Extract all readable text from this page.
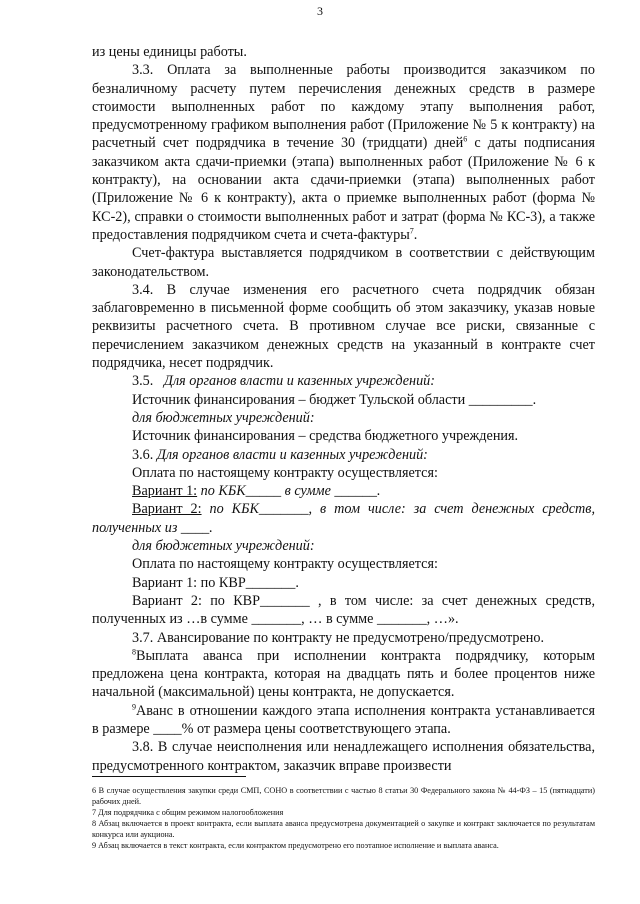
3

из цены единицы работы.

3.3. Оплата за выполненные работы производится заказчиком по безналичному расчету путем перечисления денежных средств в размере стоимости выполненных работ по каждому этапу выполнения работ, предусмотренному графиком выполнения работ (Приложение № 5 к контракту) на расчетный счет подрядчика в течение 30 (тридцати) дней$^6$ с даты подписания заказчиком акта сдачи-приемки (этапа) выполненных работ (Приложение № 6 к контракту), на основании акта сдачи-приемки (этапа) выполненных работ (Приложение № 6 к контракту), акта о приемке выполненных работ (форма № КС-2), справки о стоимости выполненных работ и затрат (форма № КС-3), а также предоставления подрядчиком счета и счета-фактуры$^7$.

Счет-фактура выставляется подрядчиком в соответствии с действующим законодательством.

3.4. В случае изменения его расчетного счета подрядчик обязан заблаговременно в письменной форме сообщить об этом заказчику, указав новые реквизиты расчетного счета. В противном случае все риски, связанные с перечислением заказчиком денежных средств на указанный в контракте счет подрядчика, несет подрядчик.

3.5. Для органов власти и казенных учреждений:

Источник финансирования – бюджет Тульской области _________.

для бюджетных учреждений:

Источник финансирования – средства бюджетного учреждения.

3.6. Для органов власти и казенных учреждений:

Оплата по настоящему контракту осуществляется:

Вариант 1: по КБК_____ в сумме ______.

Вариант 2: по КБК_______, в том числе: за счет денежных средств, полученных из ____.

для бюджетных учреждений:

Оплата по настоящему контракту осуществляется:

Вариант 1: по КВР_______.

Вариант 2: по КВР_______ , в том числе: за счет денежных средств, полученных из …в сумме _______, … в сумме _______, …».

3.7. Авансирование по контракту не предусмотрено/предусмотрено.

$^8$Выплата аванса при исполнении контракта подрядчику, которым предложена цена контракта, которая на двадцать пять и более процентов ниже начальной (максимальной) цены контракта, не допускается.

$^9$Аванс в отношении каждого этапа исполнения контракта устанавливается в размере ____% от размера цены соответствующего этапа.

3.8. В случае неисполнения или ненадлежащего исполнения обязательства, предусмотренного контрактом, заказчик вправе произвести

6 В случае осуществления закупки среди СМП, СОНО в соответствии с частью 8 статьи 30 Федерального закона № 44-ФЗ – 15 (пятнадцати) рабочих дней.

7 Для подрядчика с общим режимом налогообложения

8 Абзац включается в проект контракта, если выплата аванса предусмотрена документацией о закупке и контракт заключается по результатам конкурса или аукциона.

9 Абзац включается в текст контракта, если контрактом предусмотрено его поэтапное исполнение и выплата аванса.
